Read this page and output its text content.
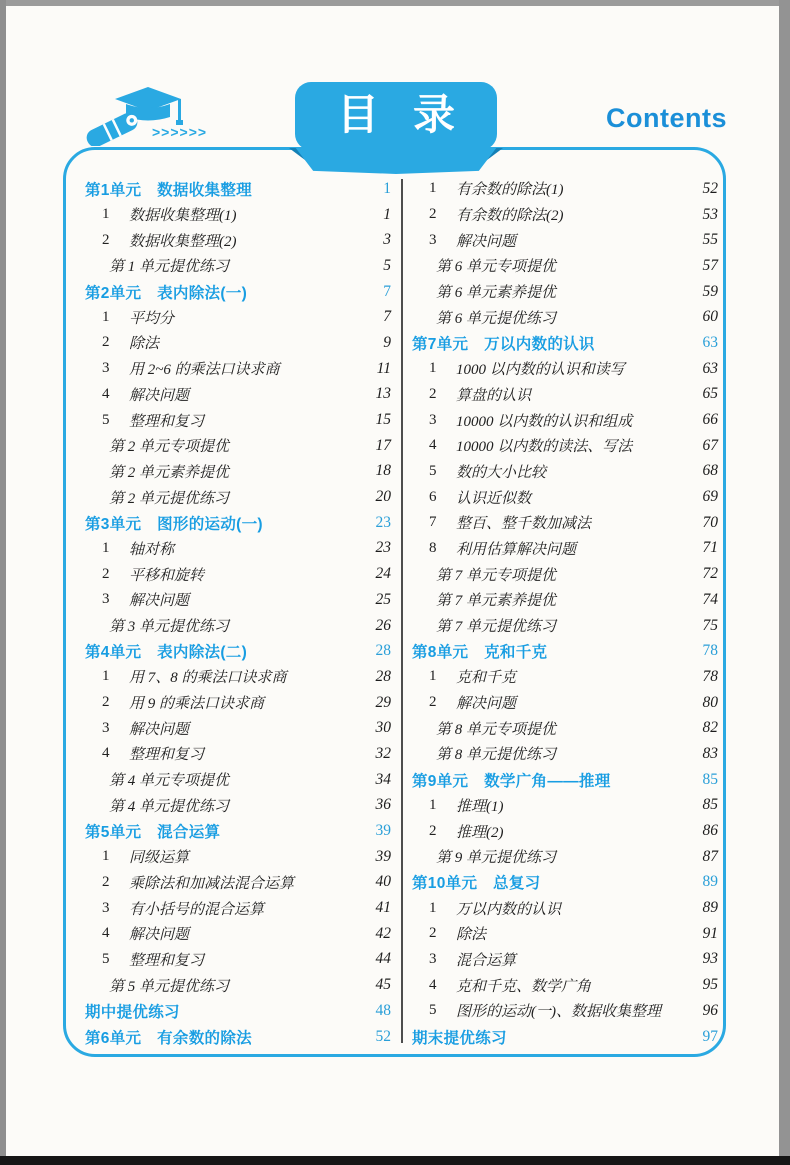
>>>>>>	目录	Contents
第1单元　数据收集整理	1
1	数据收集整理(1)	1
2	数据收集整理(2)	3
第 1 单元提优练习	5
第2单元　表内除法(一)	7
1	平均分	7
2	除法	9
3	用 2~6 的乘法口诀求商	11
4	解决问题	13
5	整理和复习	15
第 2 单元专项提优	17
第 2 单元素养提优	18
第 2 单元提优练习	20
第3单元　图形的运动(一)	23
1	轴对称	23
2	平移和旋转	24
3	解决问题	25
第 3 单元提优练习	26
第4单元　表内除法(二)	28
1	用 7、8 的乘法口诀求商	28
2	用 9 的乘法口诀求商	29
3	解决问题	30
4	整理和复习	32
第 4 单元专项提优	34
第 4 单元提优练习	36
第5单元　混合运算	39
1	同级运算	39
2	乘除法和加减法混合运算	40
3	有小括号的混合运算	41
4	解决问题	42
5	整理和复习	44
第 5 单元提优练习	45
期中提优练习	48
第6单元　有余数的除法	52
1	有余数的除法(1)	52
2	有余数的除法(2)	53
3	解决问题	55
第 6 单元专项提优	57
第 6 单元素养提优	59
第 6 单元提优练习	60
第7单元　万以内数的认识	63
1	1000 以内数的认识和读写	63
2	算盘的认识	65
3	10000 以内数的认识和组成	66
4	10000 以内数的读法、写法	67
5	数的大小比较	68
6	认识近似数	69
7	整百、整千数加减法	70
8	利用估算解决问题	71
第 7 单元专项提优	72
第 7 单元素养提优	74
第 7 单元提优练习	75
第8单元　克和千克	78
1	克和千克	78
2	解决问题	80
第 8 单元专项提优	82
第 8 单元提优练习	83
第9单元　数学广角——推理	85
1	推理(1)	85
2	推理(2)	86
第 9 单元提优练习	87
第10单元　总复习	89
1	万以内数的认识	89
2	除法	91
3	混合运算	93
4	克和千克、数学广角	95
5	图形的运动(一)、数据收集整理	96
期末提优练习	97
